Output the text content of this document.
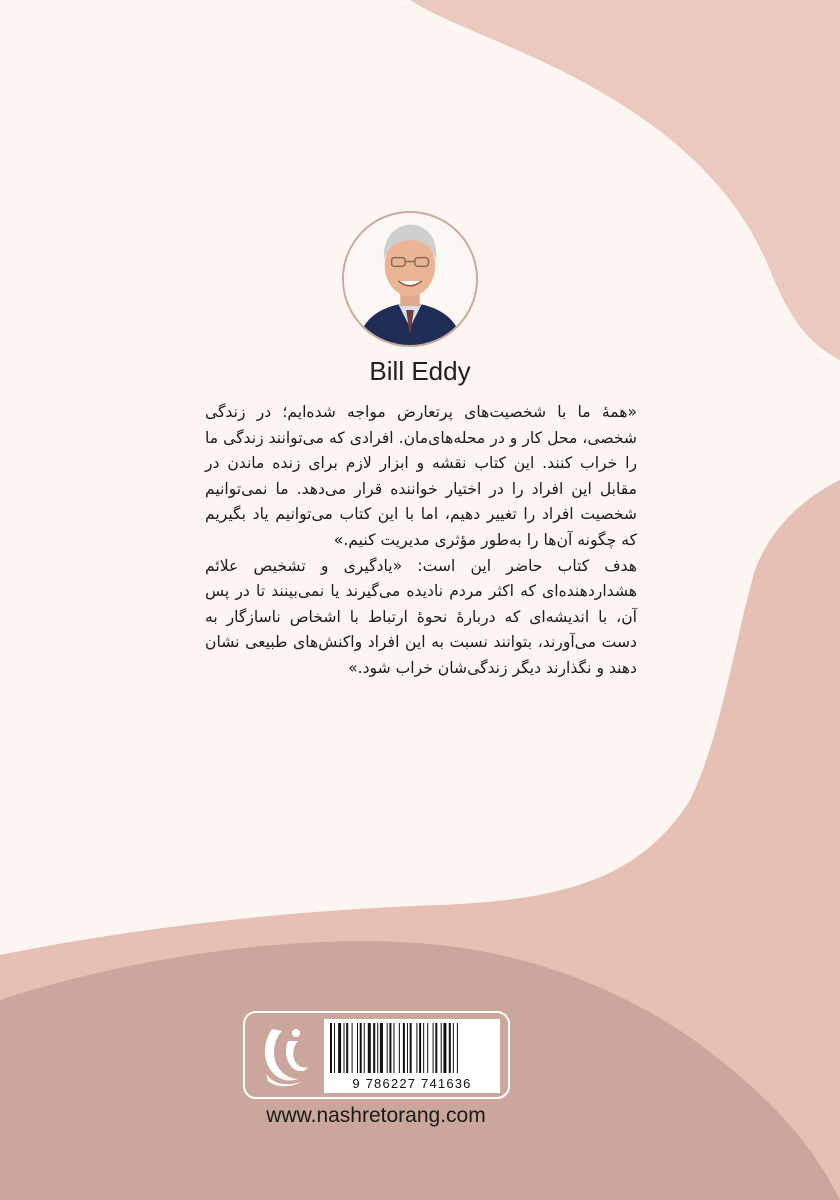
Bill Eddy

«همهٔ ما با شخصیت‌های پرتعارض مواجه شده‌ایم؛ در زندگی شخصی، محل کار و در محله‌های‌مان. افرادی که می‌توانند زندگی ما را خراب کنند. این کتاب نقشه و ابزار لازم برای زنده ماندن در مقابل این افراد را در اختیار خواننده قرار می‌دهد. ما نمی‌توانیم شخصیت افراد را تغییر دهیم، اما با این کتاب می‌توانیم یاد بگیریم که چگونه آن‌ها را به‌طور مؤثری مدیریت کنیم.»

هدف کتاب حاضر این است: «یادگیری و تشخیص علائم هشداردهنده‌ای که اکثر مردم نادیده می‌گیرند یا نمی‌بینند تا در پس آن، با اندیشه‌ای که دربارهٔ نحوهٔ ارتباط با اشخاص ناسازگار به دست می‌آورند، بتوانند نسبت به این افراد واکنش‌های طبیعی نشان دهند و نگذارند دیگر زندگی‌شان خراب شود.»

9 786227 741636
www.nashretorang.com
